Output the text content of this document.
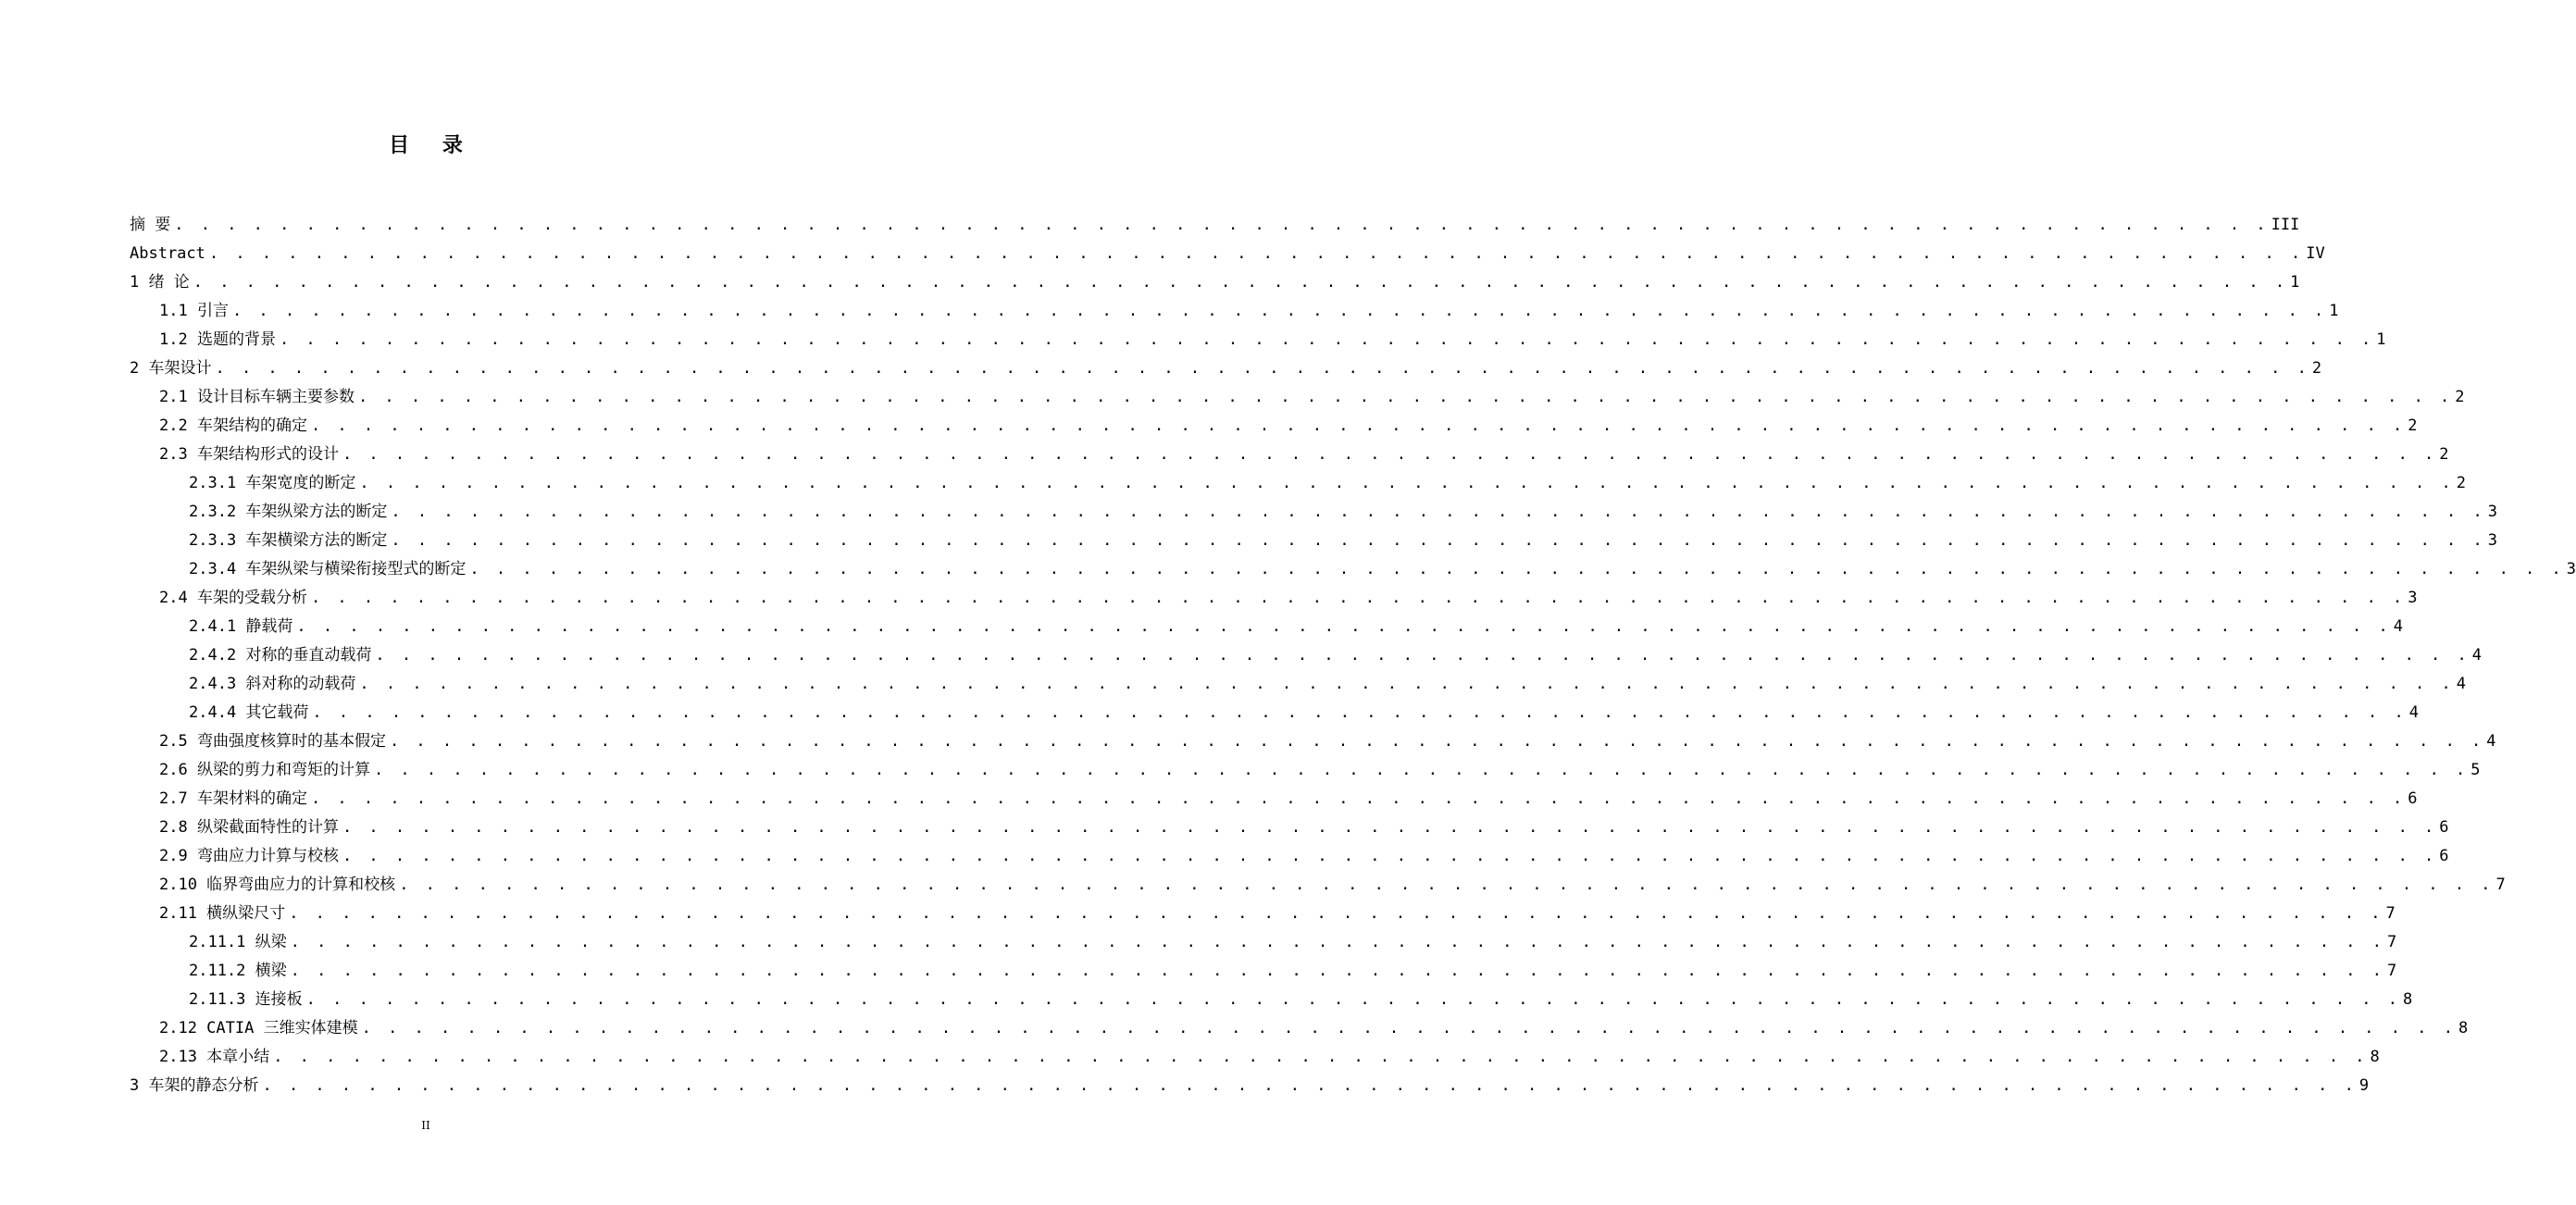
目 录
摘 要 . . . . . . . . . . . . . . . . . . . . . . . . . . . . . . . . . . . . . . . . . . . . . . . . . . . . . . . . . . . . . . . . . . . . . . . . . . . . . . . . III
Abstract . . . . . . . . . . . . . . . . . . . . . . . . . . . . . . . . . . . . . . . . . . . . . . . . . . . . . . . . . . . . . . . . . . . . . . . . . . . . . . . . IV
1 绪 论 . . . . . . . . . . . . . . . . . . . . . . . . . . . . . . . . . . . . . . . . . . . . . . . . . . . . . . . . . . . . . . . . . . . . . . . . . . . . . . . . 1
1.1 引言 . . . . . . . . . . . . . . . . . . . . . . . . . . . . . . . . . . . . . . . . . . . . . . . . . . . . . . . . . . . . . . . . . . . . . . . . . . . . . . . . 1
1.2 选题的背景 . . . . . . . . . . . . . . . . . . . . . . . . . . . . . . . . . . . . . . . . . . . . . . . . . . . . . . . . . . . . . . . . . . . . . . . . . . . . . . . . 1
2 车架设计 . . . . . . . . . . . . . . . . . . . . . . . . . . . . . . . . . . . . . . . . . . . . . . . . . . . . . . . . . . . . . . . . . . . . . . . . . . . . . . . . 2
2.1 设计目标车辆主要参数 . . . . . . . . . . . . . . . . . . . . . . . . . . . . . . . . . . . . . . . . . . . . . . . . . . . . . . . . . . . . . . . . . . . . . . . . . . . . . . . . 2
2.2 车架结构的确定 . . . . . . . . . . . . . . . . . . . . . . . . . . . . . . . . . . . . . . . . . . . . . . . . . . . . . . . . . . . . . . . . . . . . . . . . . . . . . . . . 2
2.3 车架结构形式的设计 . . . . . . . . . . . . . . . . . . . . . . . . . . . . . . . . . . . . . . . . . . . . . . . . . . . . . . . . . . . . . . . . . . . . . . . . . . . . . . . . 2
2.3.1 车架宽度的断定 . . . . . . . . . . . . . . . . . . . . . . . . . . . . . . . . . . . . . . . . . . . . . . . . . . . . . . . . . . . . . . . . . . . . . . . . . . . . . . . . 2
2.3.2 车架纵梁方法的断定 . . . . . . . . . . . . . . . . . . . . . . . . . . . . . . . . . . . . . . . . . . . . . . . . . . . . . . . . . . . . . . . . . . . . . . . . . . . . . . . . 3
2.3.3 车架横梁方法的断定 . . . . . . . . . . . . . . . . . . . . . . . . . . . . . . . . . . . . . . . . . . . . . . . . . . . . . . . . . . . . . . . . . . . . . . . . . . . . . . . . 3
2.3.4 车架纵梁与横梁衔接型式的断定 . . . . . . . . . . . . . . . . . . . . . . . . . . . . . . . . . . . . . . . . . . . . . . . . . . . . . . . . . . . . . . . . . . . . . . . . . . . . . . . . 3
2.4 车架的受载分析 . . . . . . . . . . . . . . . . . . . . . . . . . . . . . . . . . . . . . . . . . . . . . . . . . . . . . . . . . . . . . . . . . . . . . . . . . . . . . . . . 3
2.4.1 静载荷 . . . . . . . . . . . . . . . . . . . . . . . . . . . . . . . . . . . . . . . . . . . . . . . . . . . . . . . . . . . . . . . . . . . . . . . . . . . . . . . . 4
2.4.2 对称的垂直动载荷 . . . . . . . . . . . . . . . . . . . . . . . . . . . . . . . . . . . . . . . . . . . . . . . . . . . . . . . . . . . . . . . . . . . . . . . . . . . . . . . . 4
2.4.3 斜对称的动载荷 . . . . . . . . . . . . . . . . . . . . . . . . . . . . . . . . . . . . . . . . . . . . . . . . . . . . . . . . . . . . . . . . . . . . . . . . . . . . . . . . 4
2.4.4 其它载荷 . . . . . . . . . . . . . . . . . . . . . . . . . . . . . . . . . . . . . . . . . . . . . . . . . . . . . . . . . . . . . . . . . . . . . . . . . . . . . . . . 4
2.5 弯曲强度核算时的基本假定 . . . . . . . . . . . . . . . . . . . . . . . . . . . . . . . . . . . . . . . . . . . . . . . . . . . . . . . . . . . . . . . . . . . . . . . . . . . . . . . . 4
2.6 纵梁的剪力和弯矩的计算 . . . . . . . . . . . . . . . . . . . . . . . . . . . . . . . . . . . . . . . . . . . . . . . . . . . . . . . . . . . . . . . . . . . . . . . . . . . . . . . . 5
2.7 车架材料的确定 . . . . . . . . . . . . . . . . . . . . . . . . . . . . . . . . . . . . . . . . . . . . . . . . . . . . . . . . . . . . . . . . . . . . . . . . . . . . . . . . 6
2.8 纵梁截面特性的计算 . . . . . . . . . . . . . . . . . . . . . . . . . . . . . . . . . . . . . . . . . . . . . . . . . . . . . . . . . . . . . . . . . . . . . . . . . . . . . . . . 6
2.9 弯曲应力计算与校核 . . . . . . . . . . . . . . . . . . . . . . . . . . . . . . . . . . . . . . . . . . . . . . . . . . . . . . . . . . . . . . . . . . . . . . . . . . . . . . . . 6
2.10 临界弯曲应力的计算和校核 . . . . . . . . . . . . . . . . . . . . . . . . . . . . . . . . . . . . . . . . . . . . . . . . . . . . . . . . . . . . . . . . . . . . . . . . . . . . . . . . 7
2.11 横纵梁尺寸 . . . . . . . . . . . . . . . . . . . . . . . . . . . . . . . . . . . . . . . . . . . . . . . . . . . . . . . . . . . . . . . . . . . . . . . . . . . . . . . . 7
2.11.1 纵梁 . . . . . . . . . . . . . . . . . . . . . . . . . . . . . . . . . . . . . . . . . . . . . . . . . . . . . . . . . . . . . . . . . . . . . . . . . . . . . . . . 7
2.11.2 横梁 . . . . . . . . . . . . . . . . . . . . . . . . . . . . . . . . . . . . . . . . . . . . . . . . . . . . . . . . . . . . . . . . . . . . . . . . . . . . . . . . 7
2.11.3 连接板 . . . . . . . . . . . . . . . . . . . . . . . . . . . . . . . . . . . . . . . . . . . . . . . . . . . . . . . . . . . . . . . . . . . . . . . . . . . . . . . . 8
2.12 CATIA 三维实体建模 . . . . . . . . . . . . . . . . . . . . . . . . . . . . . . . . . . . . . . . . . . . . . . . . . . . . . . . . . . . . . . . . . . . . . . . . . . . . . . . . 8
2.13 本章小结 . . . . . . . . . . . . . . . . . . . . . . . . . . . . . . . . . . . . . . . . . . . . . . . . . . . . . . . . . . . . . . . . . . . . . . . . . . . . . . . . 8
3 车架的静态分析 . . . . . . . . . . . . . . . . . . . . . . . . . . . . . . . . . . . . . . . . . . . . . . . . . . . . . . . . . . . . . . . . . . . . . . . . . . . . . . . . 9
II
